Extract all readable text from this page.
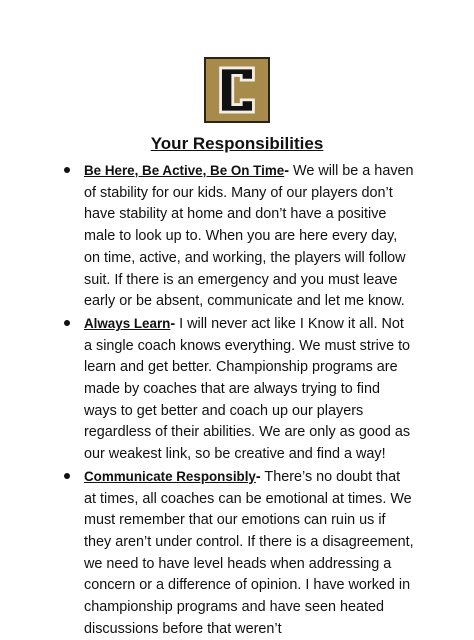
Your Responsibilities
Be Here, Be Active, Be On Time- We will be a haven of stability for our kids. Many of our players don’t have stability at home and don’t have a positive male to look up to. When you are here every day, on time, active, and working, the players will follow suit. If there is an emergency and you must leave early or be absent, communicate and let me know.
Always Learn- I will never act like I Know it all. Not a single coach knows everything. We must strive to learn and get better. Championship programs are made by coaches that are always trying to find ways to get better and coach up our players regardless of their abilities. We are only as good as our weakest link, so be creative and find a way!
Communicate Responsibly- There’s no doubt that at times, all coaches can be emotional at times. We must remember that our emotions can ruin us if they aren’t under control. If there is a disagreement, we need to have level heads when addressing a concern or a difference of opinion. I have worked in championship programs and have seen heated discussions before that weren’t
